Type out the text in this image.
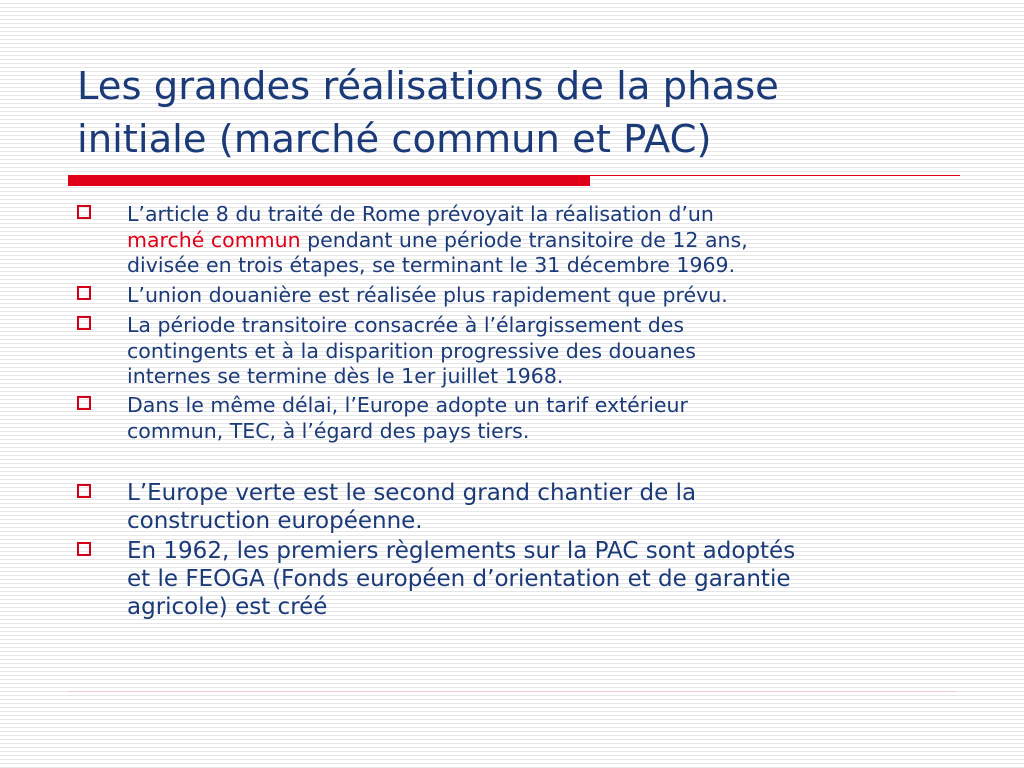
Les grandes réalisations de la phase
initiale (marché commun et PAC)

L’article 8 du traité de Rome prévoyait la réalisation d’un
marché commun pendant une période transitoire de 12 ans,
divisée en trois étapes, se terminant le 31 décembre 1969.

L’union douanière est réalisée plus rapidement que prévu.

La période transitoire consacrée à l’élargissement des
contingents et à la disparition progressive des douanes
internes se termine dès le 1er juillet 1968.

Dans le même délai, l’Europe adopte un tarif extérieur
commun, TEC, à l’égard des pays tiers.

L’Europe verte est le second grand chantier de la
construction européenne.

En 1962, les premiers règlements sur la PAC sont adoptés
et le FEOGA (Fonds européen d’orientation et de garantie
agricole) est créé
